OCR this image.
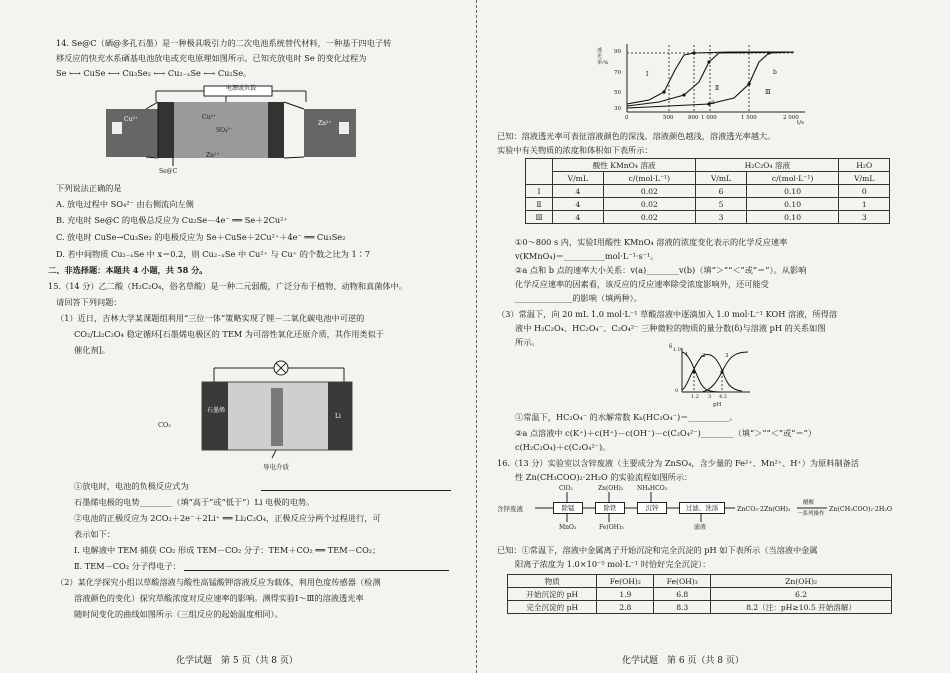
14. Se@C（硒@多孔石墨）是一种极具吸引力的二次电池系统替代材料，一种基于四电子转
移反应的快充水系硒基电池放电或充电原理如图所示。已知充放电时 Se 的变化过程为
Se ⟷ CuSe ⟷ Cu₃Se₂ ⟷ Cu₂₋ₓSe ⟷ Cu₂Se。
电源或负载
Cu²⁺	Cu²⁺
SO₄²⁻
Zn²⁺
Zn²⁺
Se@C
下列说法正确的是
A. 放电过程中 SO₄²⁻ 由右侧流向左侧
B. 充电时 Se@C 的电极总反应为 Cu₂Se－4e⁻ ══ Se＋2Cu²⁺
C. 放电时 CuSe→Cu₃Se₂ 的电极反应为 Se＋CuSe＋2Cu²⁺＋4e⁻ ══ Cu₃Se₂
D. 若中间物质 Cu₂₋ₓSe 中 x＝0.2，则 Cu₂₋ₓSe 中 Cu²⁺ 与 Cu⁺ 的个数之比为 1∶7
二、非选择题：本题共 4 小题，共 58 分。
15.（14 分）乙二酸（H₂C₂O₄，俗名草酸）是一种二元弱酸，广泛分布于植物、动物和真菌体中。
请回答下列问题：
（1）近日，吉林大学某课题组利用“三位一体”策略实现了锂－二氧化碳电池中可逆的
CO₂/Li₂C₂O₄ 稳定循环[石墨烯电极区的 TEM 为可溶性氧化还原介质，其作用类似于
催化剂]。
CO₂
石墨烯
Li
导电介质
①放电时，电池的负极反应式为
石墨烯电极的电势________（填“高于”或“低于”）Li 电极的电势。
②电池的正极反应为 2CO₂＋2e⁻＋2Li⁺ ══ Li₂C₂O₄，正极反应分两个过程进行，可
表示如下：
Ⅰ. 电解液中 TEM 捕获 CO₂ 形成 TEM－CO₂ 分子：TEM＋CO₂ ══ TEM－CO₂；
Ⅱ. TEM－CO₂ 分子得电子：
（2）某化学探究小组以草酸溶液与酸性高锰酸钾溶液反应为载体，利用色度传感器（检测
溶液颜色的变化）探究草酸浓度对反应速率的影响。测得实验Ⅰ～Ⅲ的溶液透光率
随时间变化的曲线如图所示（三组反应的起始温度相同）。
化学试题　第 5 页（共 8 页）
透光率/%
90
70
50
30
0	500	800 1 000	1 500	2 000
t/s
Ⅰ
Ⅱ
Ⅲ
a
b
已知：溶液透光率可表征溶液颜色的深浅。溶液颜色越浅，溶液透光率越大。
实验中有关物质的浓度和体积如下表所示：
	酸性 KMnO₄ 溶液		H₂C₂O₄ 溶液		H₂O
	V/mL	c/(mol·L⁻¹)	V/mL	c/(mol·L⁻¹)	V/mL
Ⅰ	4	0.02	6	0.10	0
Ⅱ	4	0.02	5	0.10	1
Ⅲ	4	0.02	3	0.10	3
①0～800 s 内，实验Ⅰ用酸性 KMnO₄ 溶液的浓度变化表示的化学反应速率
v(KMnO₄)＝__________mol·L⁻¹·s⁻¹。
②a 点和 b 点的速率大小关系：v(a)________v(b)（填“＞”“＜”或“＝”）。从影响
化学反应速率的因素看，该反应的反应速率除受浓度影响外，还可能受
______________的影响（填两种）。
（3）常温下，向 20 mL 1.0 mol·L⁻¹ 草酸溶液中逐滴加入 1.0 mol·L⁻¹ KOH 溶液，所得溶
液中 H₂C₂O₄、HC₂O₄⁻、C₂O₄²⁻ 三种微粒的物质的量分数(δ)与溶液 pH 的关系如图
所示。	δ 1.0
0
1.2 3 4.2
pH
1 2	3
①常温下，HC₂O₄⁻ 的水解常数 Kₕ(HC₂O₄⁻)＝__________。
②a 点溶液中 c(K⁺)＋c(H⁺)－c(OH⁻)－c(C₂O₄²⁻)________（填“＞”“＜”或“＝”）
c(H₂C₂O₄)＋c(C₂O₄²⁻)。
16.（13 分）实验室以含锌废液（主要成分为 ZnSO₄，含少量的 Fe²⁺、Mn²⁺、H⁺）为原料制备活
性 Zn(CH₃COO)₂·2H₂O 的实验流程如图所示：
ClO₂	Zn(OH)₂ NH₄HCO₃
含锌废液	除锰	除铁	沉锌	过滤、洗涤	ZnCO₃·2Zn(OH)₂
醋酸
一系列操作
Zn(CH₃COO)₂·2H₂O
MnO₂	Fe(OH)₃	滤液
已知：①常温下，溶液中金属离子开始沉淀和完全沉淀的 pH 如下表所示（当溶液中金属
阳离子浓度为 1.0×10⁻⁵ mol·L⁻¹ 时恰好完全沉淀）：
物质	Fe(OH)₂	Fe(OH)₃	Zn(OH)₂
开始沉淀的 pH	1.9	6.8	6.2
完全沉淀的 pH	2.8	8.3	8.2（注：pH≥10.5 开始溶解）
化学试题　第 6 页（共 8 页）
